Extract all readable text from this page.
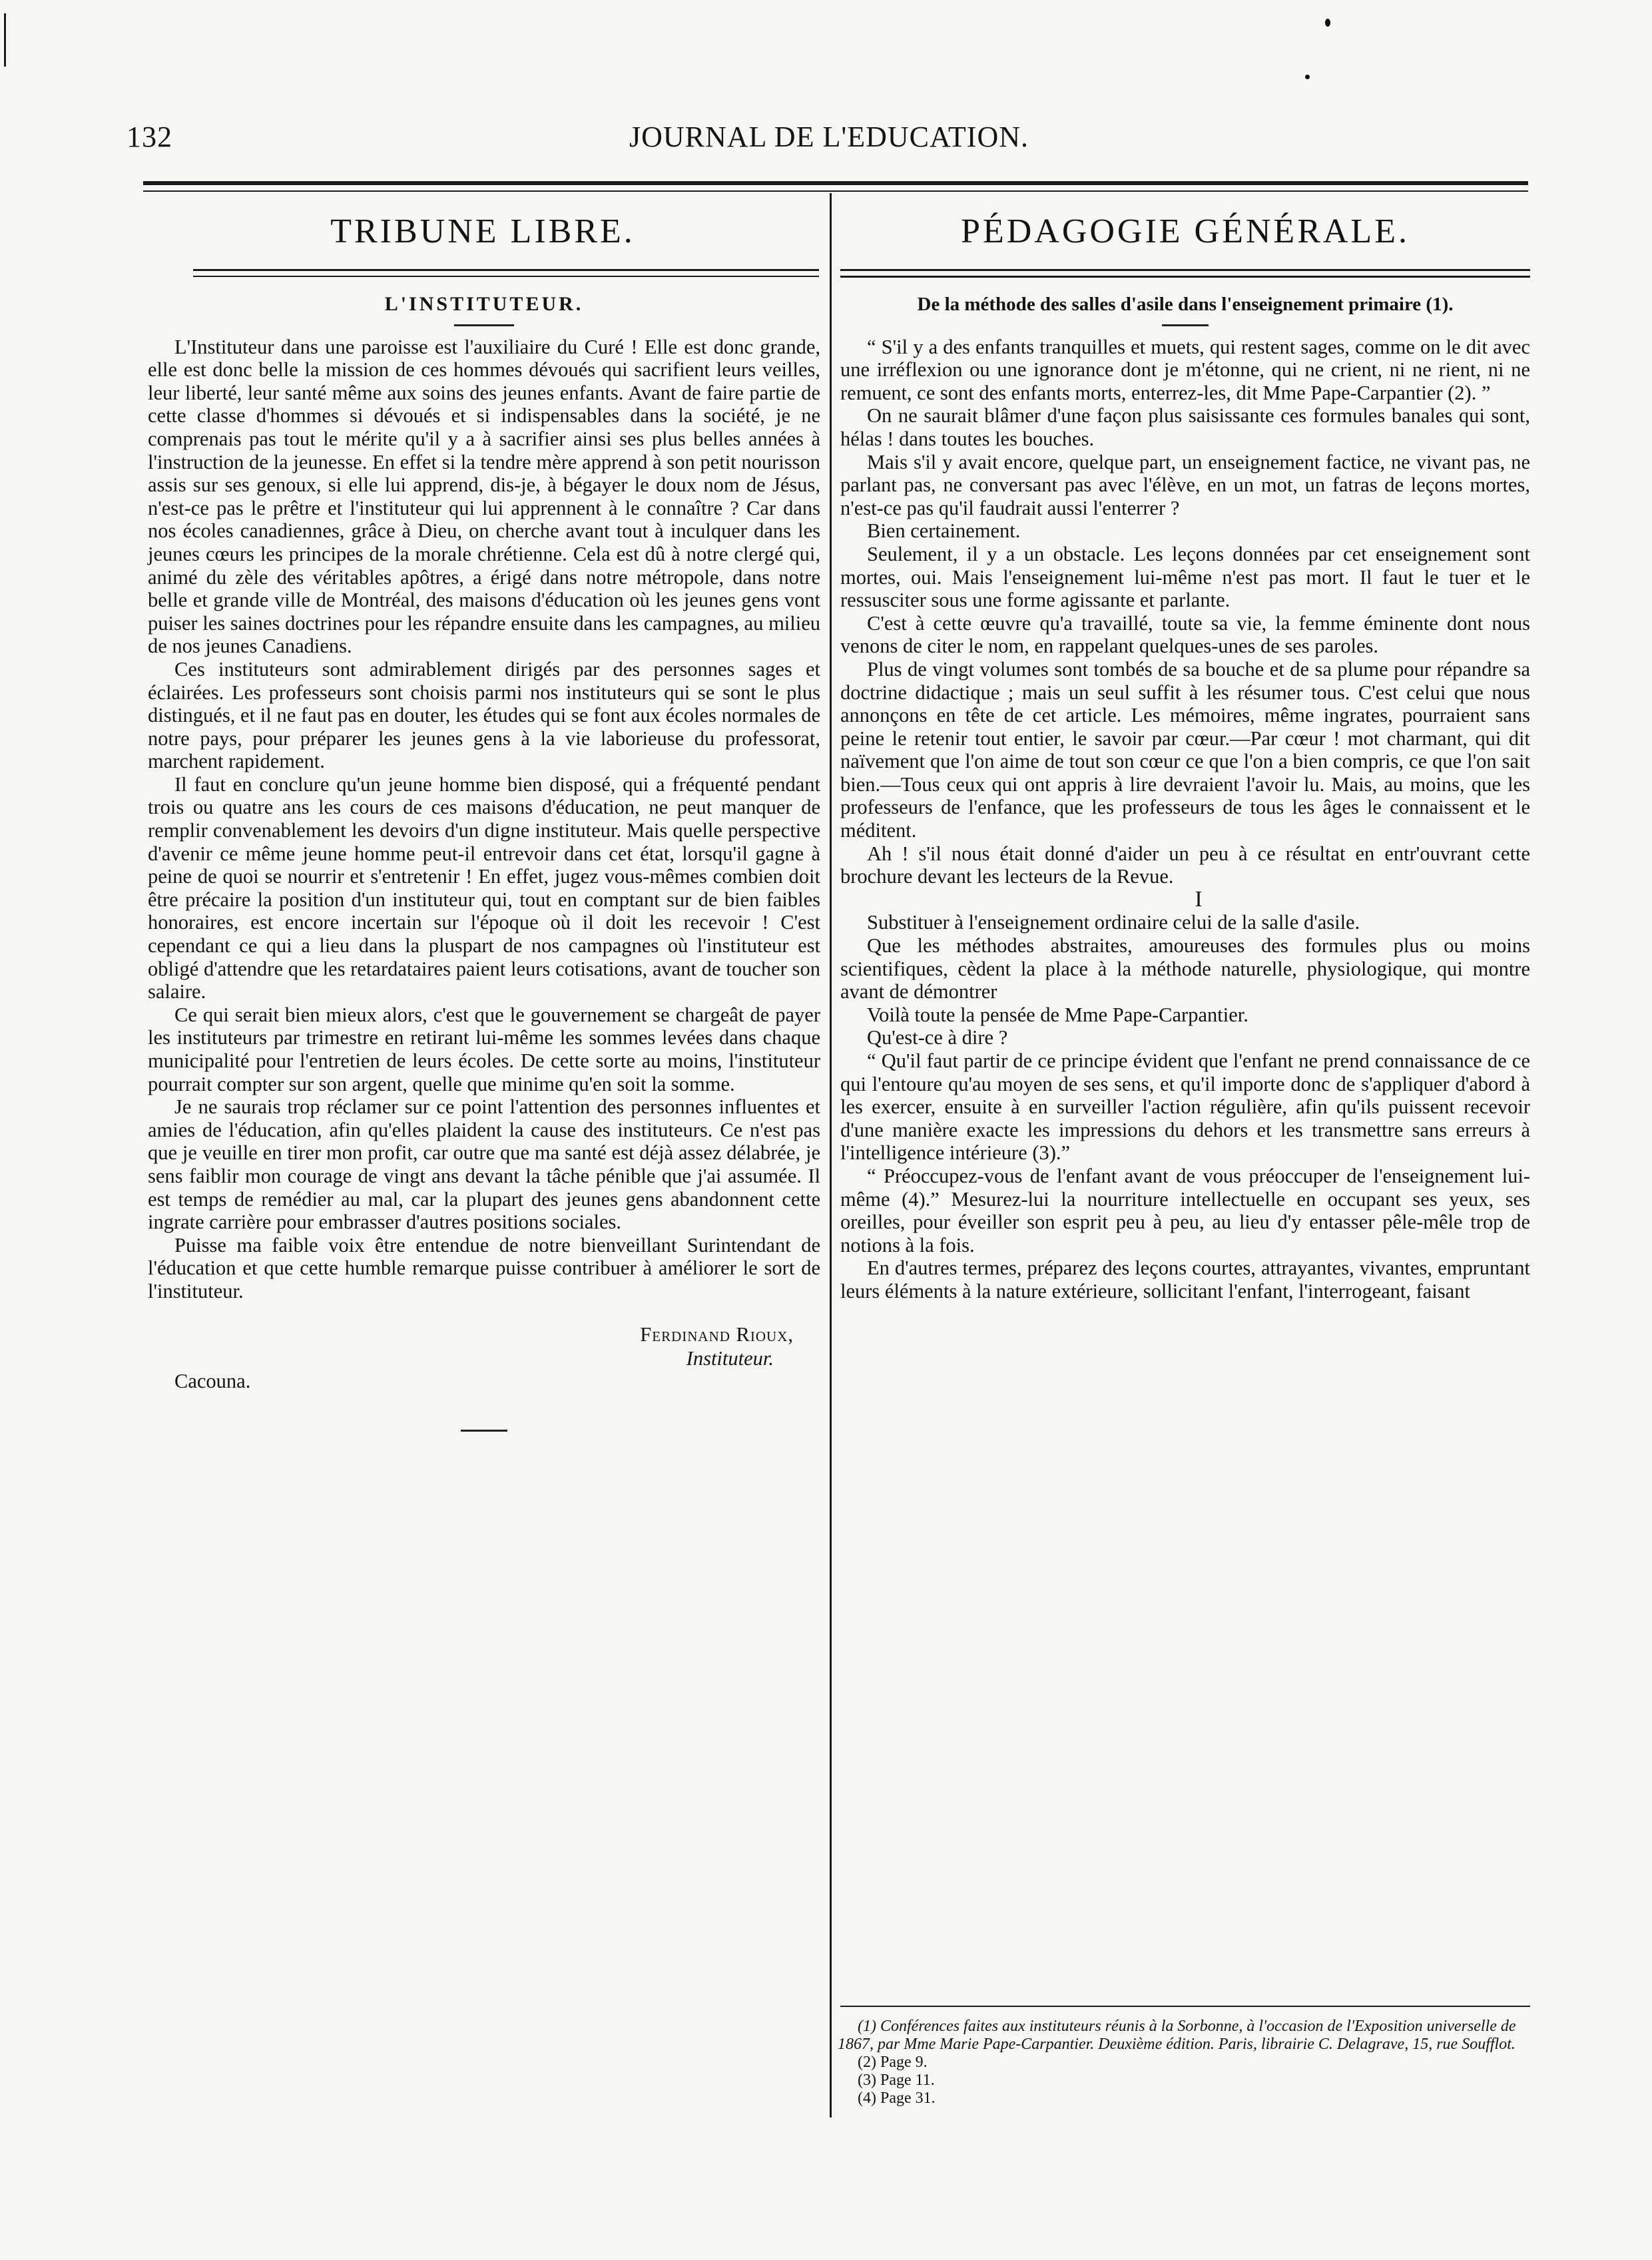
132	JOURNAL DE L'EDUCATION.
TRIBUNE LIBRE.	PÉDAGOGIE GÉNÉRALE.
L'INSTITUTEUR.

L'Instituteur dans une paroisse est l'auxiliaire du Curé ! Elle est donc grande, elle est donc belle la mission de ces hommes dévoués qui sacrifient leurs veilles, leur liberté, leur santé même aux soins des jeunes enfants. Avant de faire partie de cette classe d'hommes si dévoués et si indispensables dans la société, je ne comprenais pas tout le mérite qu'il y a à sacrifier ainsi ses plus belles années à l'instruction de la jeunesse. En effet si la tendre mère apprend à son petit nourisson assis sur ses genoux, si elle lui apprend, dis-je, à bégayer le doux nom de Jésus, n'est-ce pas le prêtre et l'instituteur qui lui apprennent à le connaître ? Car dans nos écoles canadiennes, grâce à Dieu, on cherche avant tout à inculquer dans les jeunes cœurs les principes de la morale chrétienne. Cela est dû à notre clergé qui, animé du zèle des véritables apôtres, a érigé dans notre métropole, dans notre belle et grande ville de Montréal, des maisons d'éducation où les jeunes gens vont puiser les saines doctrines pour les répandre ensuite dans les campagnes, au milieu de nos jeunes Canadiens.

Ces instituteurs sont admirablement dirigés par des personnes sages et éclairées. Les professeurs sont choisis parmi nos instituteurs qui se sont le plus distingués, et il ne faut pas en douter, les études qui se font aux écoles normales de notre pays, pour préparer les jeunes gens à la vie laborieuse du professorat, marchent rapidement.

Il faut en conclure qu'un jeune homme bien disposé, qui a fréquenté pendant trois ou quatre ans les cours de ces maisons d'éducation, ne peut manquer de remplir convenablement les devoirs d'un digne instituteur. Mais quelle perspective d'avenir ce même jeune homme peut-il entrevoir dans cet état, lorsqu'il gagne à peine de quoi se nourrir et s'entretenir ! En effet, jugez vous-mêmes combien doit être précaire la position d'un instituteur qui, tout en comptant sur de bien faibles honoraires, est encore incertain sur l'époque où il doit les recevoir ! C'est cependant ce qui a lieu dans la pluspart de nos campagnes où l'instituteur est obligé d'attendre que les retardataires paient leurs cotisations, avant de toucher son salaire.

Ce qui serait bien mieux alors, c'est que le gouvernement se chargeât de payer les instituteurs par trimestre en retirant lui-même les sommes levées dans chaque municipalité pour l'entretien de leurs écoles. De cette sorte au moins, l'instituteur pourrait compter sur son argent, quelle que minime qu'en soit la somme.

Je ne saurais trop réclamer sur ce point l'attention des personnes influentes et amies de l'éducation, afin qu'elles plaident la cause des instituteurs. Ce n'est pas que je veuille en tirer mon profit, car outre que ma santé est déjà assez délabrée, je sens faiblir mon courage de vingt ans devant la tâche pénible que j'ai assumée. Il est temps de remédier au mal, car la plupart des jeunes gens abandonnent cette ingrate carrière pour embrasser d'autres positions sociales.

Puisse ma faible voix être entendue de notre bienveillant Surintendant de l'éducation et que cette humble remarque puisse contribuer à améliorer le sort de l'instituteur.

Ferdinand Rioux,
Instituteur.
Cacouna.
De la méthode des salles d'asile dans l'enseignement primaire (1).

“ S'il y a des enfants tranquilles et muets, qui restent sages, comme on le dit avec une irréflexion ou une ignorance dont je m'étonne, qui ne crient, ni ne rient, ni ne remuent, ce sont des enfants morts, enterrez-les, dit Mme Pape-Carpantier (2). ”

On ne saurait blâmer d'une façon plus saisissante ces formules banales qui sont, hélas ! dans toutes les bouches.

Mais s'il y avait encore, quelque part, un enseignement factice, ne vivant pas, ne parlant pas, ne conversant pas avec l'élève, en un mot, un fatras de leçons mortes, n'est-ce pas qu'il faudrait aussi l'enterrer ?

Bien certainement.

Seulement, il y a un obstacle. Les leçons données par cet enseignement sont mortes, oui. Mais l'enseignement lui-même n'est pas mort. Il faut le tuer et le ressusciter sous une forme agissante et parlante.

C'est à cette œuvre qu'a travaillé, toute sa vie, la femme éminente dont nous venons de citer le nom, en rappelant quelques-unes de ses paroles.

Plus de vingt volumes sont tombés de sa bouche et de sa plume pour répandre sa doctrine didactique ; mais un seul suffit à les résumer tous. C'est celui que nous annonçons en tête de cet article. Les mémoires, même ingrates, pourraient sans peine le retenir tout entier, le savoir par cœur.—Par cœur ! mot charmant, qui dit naïvement que l'on aime de tout son cœur ce que l'on a bien compris, ce que l'on sait bien.—Tous ceux qui ont appris à lire devraient l'avoir lu. Mais, au moins, que les professeurs de l'enfance, que les professeurs de tous les âges le connaissent et le méditent.

Ah ! s'il nous était donné d'aider un peu à ce résultat en entr'ouvrant cette brochure devant les lecteurs de la Revue.

I

Substituer à l'enseignement ordinaire celui de la salle d'asile.

Que les méthodes abstraites, amoureuses des formules plus ou moins scientifiques, cèdent la place à la méthode naturelle, physiologique, qui montre avant de démontrer

Voilà toute la pensée de Mme Pape-Carpantier.

Qu'est-ce à dire ?

“ Qu'il faut partir de ce principe évident que l'enfant ne prend connaissance de ce qui l'entoure qu'au moyen de ses sens, et qu'il importe donc de s'appliquer d'abord à les exercer, ensuite à en surveiller l'action régulière, afin qu'ils puissent recevoir d'une manière exacte les impressions du dehors et les transmettre sans erreurs à l'intelligence intérieure (3).”

“ Préoccupez-vous de l'enfant avant de vous préoccuper de l'enseignement lui-même (4).” Mesurez-lui la nourriture intellectuelle en occupant ses yeux, ses oreilles, pour éveiller son esprit peu à peu, au lieu d'y entasser pêle-mêle trop de notions à la fois.

En d'autres termes, préparez des leçons courtes, attrayantes, vivantes, empruntant leurs éléments à la nature extérieure, sollicitant l'enfant, l'interrogeant, faisant

(1) Conférences faites aux instituteurs réunis à la Sorbonne, à l'occasion de l'Exposition universelle de 1867, par Mme Marie Pape-Carpantier. Deuxième édition. Paris, librairie C. Delagrave, 15, rue Soufflot.

(2) Page 9.

(3) Page 11.

(4) Page 31.
